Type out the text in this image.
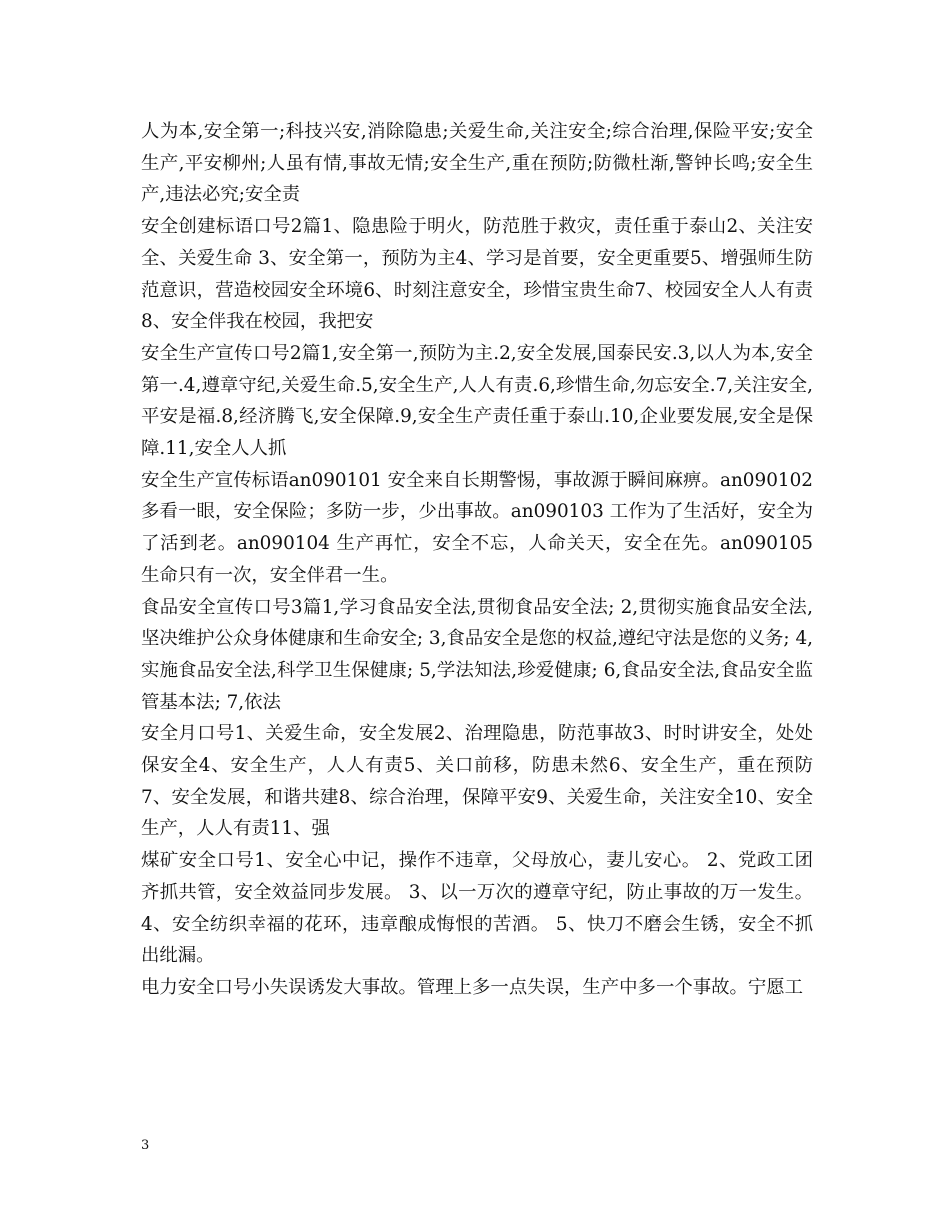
人为本,安全第一;科技兴安,消除隐患;关爱生命,关注安全;综合治理,保险平安;安全生产,平安柳州;人虽有情,事故无情;安全生产,重在预防;防微杜渐,警钟长鸣;安全生产,违法必究;安全责

安全创建标语口号2篇1、隐患险于明火，防范胜于救灾，责任重于泰山2、关注安全、关爱生命 3、安全第一，预防为主4、学习是首要，安全更重要5、增强师生防范意识，营造校园安全环境6、时刻注意安全，珍惜宝贵生命7、校园安全人人有责8、安全伴我在校园，我把安

安全生产宣传口号2篇1,安全第一,预防为主.2,安全发展,国泰民安.3,以人为本,安全第一.4,遵章守纪,关爱生命.5,安全生产,人人有责.6,珍惜生命,勿忘安全.7,关注安全,平安是福.8,经济腾飞,安全保障.9,安全生产责任重于泰山.10,企业要发展,安全是保障.11,安全人人抓

安全生产宣传标语an090101 安全来自长期警惕，事故源于瞬间麻痹。an090102 多看一眼，安全保险；多防一步，少出事故。an090103 工作为了生活好，安全为了活到老。an090104 生产再忙，安全不忘，人命关天，安全在先。an090105 生命只有一次，安全伴君一生。

食品安全宣传口号3篇1,学习食品安全法,贯彻食品安全法; 2,贯彻实施食品安全法,坚决维护公众身体健康和生命安全; 3,食品安全是您的权益,遵纪守法是您的义务; 4,实施食品安全法,科学卫生保健康; 5,学法知法,珍爱健康; 6,食品安全法,食品安全监管基本法; 7,依法

安全月口号1、关爱生命，安全发展2、治理隐患，防范事故3、时时讲安全，处处保安全4、安全生产，人人有责5、关口前移，防患未然6、安全生产，重在预防7、安全发展，和谐共建8、综合治理，保障平安9、关爱生命，关注安全10、安全生产，人人有责11、强

煤矿安全口号1、安全心中记，操作不违章，父母放心，妻儿安心。 2、党政工团齐抓共管，安全效益同步发展。 3、以一万次的遵章守纪，防止事故的万一发生。4、安全纺织幸福的花环，违章酿成悔恨的苦酒。 5、快刀不磨会生锈，安全不抓出纰漏。

电力安全口号小失误诱发大事故。管理上多一点失误，生产中多一个事故。宁愿工

3
